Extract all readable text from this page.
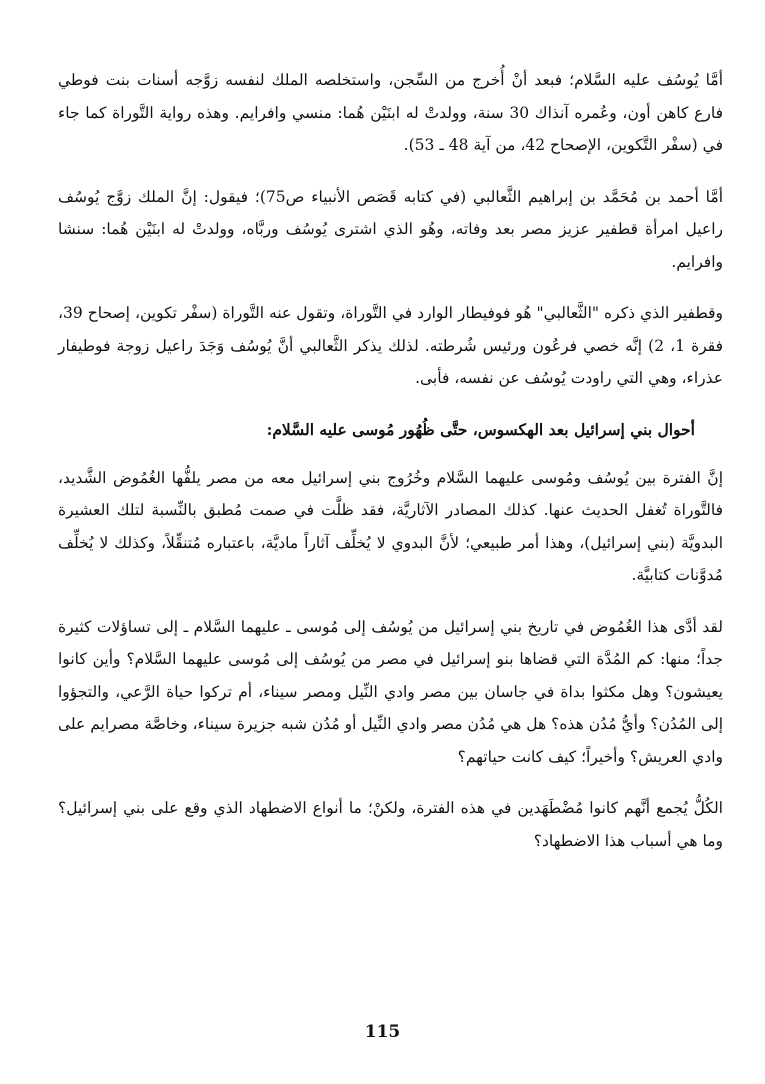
أمَّا يُوسُف عليه السَّلام؛ فبعد أنْ أُخرج من السِّجن، واستخلصه الملك لنفسه زوَّجه أسنات بنت فوطي فارع كاهن أون، وعُمره آنذاك 30 سنة، وولدتْ له ابنَيْن هُما: منسي وافرايم. وهذه رواية التَّوراة كما جاء في (سفْر التَّكوين، الإصحاح 42، من آية 48 ـ 53).

أمَّا أحمد بن مُحَمَّد بن إبراهيم الثَّعالبي (في كتابه قَصَص الأنبياء ص75)؛ فيقول: إنَّ الملك زوَّج يُوسُف راعيل امرأة قطفير عزيز مصر بعد وفاته، وهُو الذي اشترى يُوسُف وربَّاه، وولدتْ له ابنَيْن هُما: سنشا وافرايم.

وقطفير الذي ذكره "الثَّعالبي" هُو فوفيطار الوارد في التَّوراة، وتقول عنه التَّوراة (سفْر تكوين، إصحاح 39، فقرة 1، 2) إنَّه خصي فرعُون ورئيس شُرطته. لذلك يذكر الثَّعالبي أنَّ يُوسُف وَجَدَ راعيل زوجة فوطيفار عذراء، وهي التي راودت يُوسُف عن نفسه، فأبى.

أحوال بني إسرائيل بعد الهكسوس، حتَّى ظُهُور مُوسى عليه السَّلام:

إنَّ الفترة بين يُوسُف ومُوسى عليهما السَّلام وخُرُوج بني إسرائيل معه من مصر يلفُّها الغُمُوض الشَّديد، فالتَّوراة تُغفل الحديث عنها. كذلك المصادر الآثاريَّة، فقد ظلَّت في صمت مُطبق بالنِّسبة لتلك العشيرة البدويَّة (بني إسرائيل)، وهذا أمر طبيعي؛ لأنَّ البدوي لا يُخلِّف آثاراً ماديَّة، باعتباره مُتنقِّلاً، وكذلك لا يُخلِّف مُدوَّنات كتابيَّة.

لقد أدَّى هذا الغُمُوض في تاريخ بني إسرائيل من يُوسُف إلى مُوسى ـ عليهما السَّلام ـ إلى تساؤلات كثيرة جداً؛ منها: كم المُدَّة التي قضاها بنو إسرائيل في مصر من يُوسُف إلى مُوسى عليهما السَّلام؟ وأين كانوا يعيشون؟ وهل مكثوا بداة في جاسان بين مصر وادي النِّيل ومصر سيناء، أم تركوا حياة الرَّعي، والتجؤوا إلى المُدُن؟ وأيُّ مُدُن هذه؟ هل هي مُدُن مصر وادي النِّيل أو مُدُن شبه جزيرة سيناء، وخاصَّة مصرايم على وادي العريش؟ وأخيراً؛ كيف كانت حياتهم؟

الكُلُّ يُجمع أنَّهم كانوا مُضْطَهَدين في هذه الفترة، ولكنْ؛ ما أنواع الاضطهاد الذي وقع على بني إسرائيل؟ وما هي أسباب هذا الاضطهاد؟

115
